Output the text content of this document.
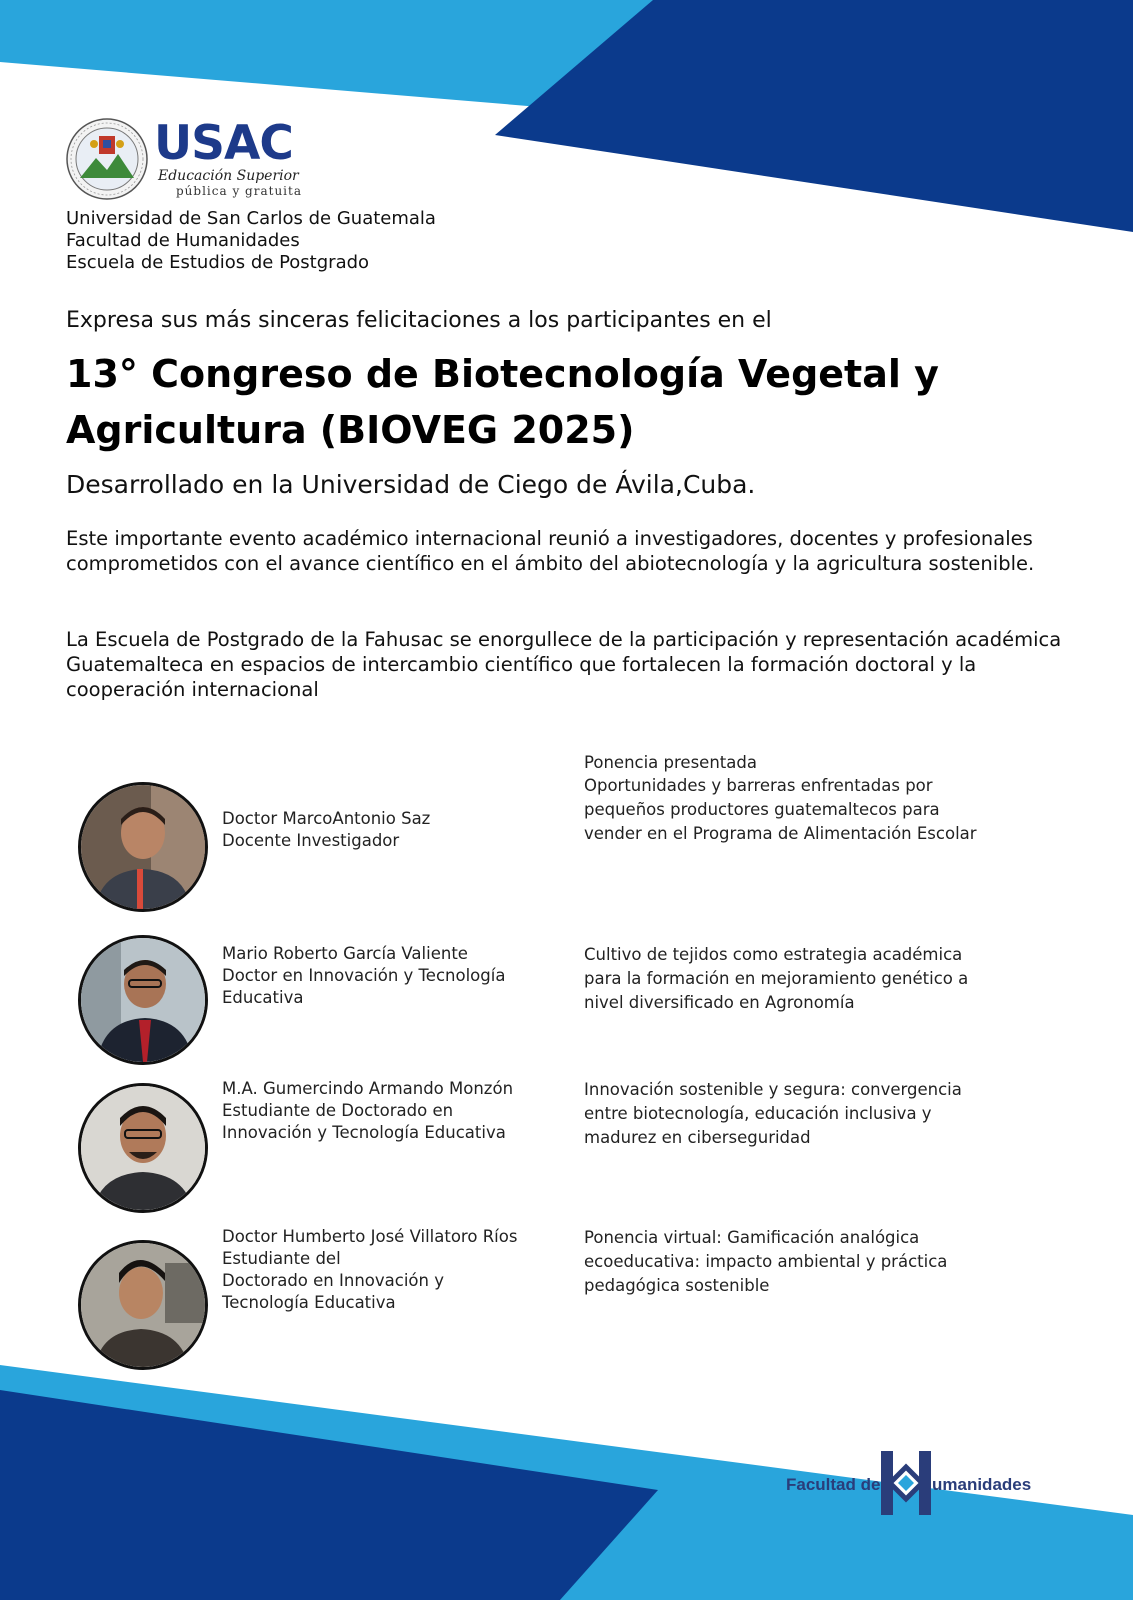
USAC
Educación Superior
pública y gratuita
Universidad de San Carlos de Guatemala
Facultad de Humanidades
Escuela de Estudios de Postgrado
Expresa sus más sinceras felicitaciones a los participantes en el
13° Congreso de Biotecnología Vegetal y Agricultura (BIOVEG 2025)
Desarrollado en la Universidad de Ciego de Ávila,Cuba.
Este importante evento académico internacional reunió a investigadores, docentes y profesionales comprometidos con el avance científico en el ámbito del abiotecnología y la agricultura sostenible.
La Escuela de Postgrado de la Fahusac se enorgullece de la participación y representación académica Guatemalteca en espacios de intercambio científico que fortalecen la formación doctoral y la cooperación internacional
Ponencia presentada
Doctor MarcoAntonio Saz
Docente Investigador
Oportunidades y barreras enfrentadas por
pequeños productores guatemaltecos para
vender en el Programa de Alimentación Escolar
Mario Roberto García Valiente
Doctor en Innovación y Tecnología
Educativa
Cultivo de tejidos como estrategia académica
para la formación en mejoramiento genético a
nivel diversificado en Agronomía
M.A. Gumercindo Armando Monzón
Estudiante de Doctorado en
Innovación y Tecnología Educativa
Innovación sostenible y segura: convergencia
entre biotecnología, educación inclusiva y
madurez en ciberseguridad
Doctor Humberto José Villatoro Ríos
Estudiante del
Doctorado en Innovación y
Tecnología Educativa
Ponencia virtual: Gamificación analógica
ecoeducativa: impacto ambiental y práctica
pedagógica sostenible
Facultad de	umanidades
